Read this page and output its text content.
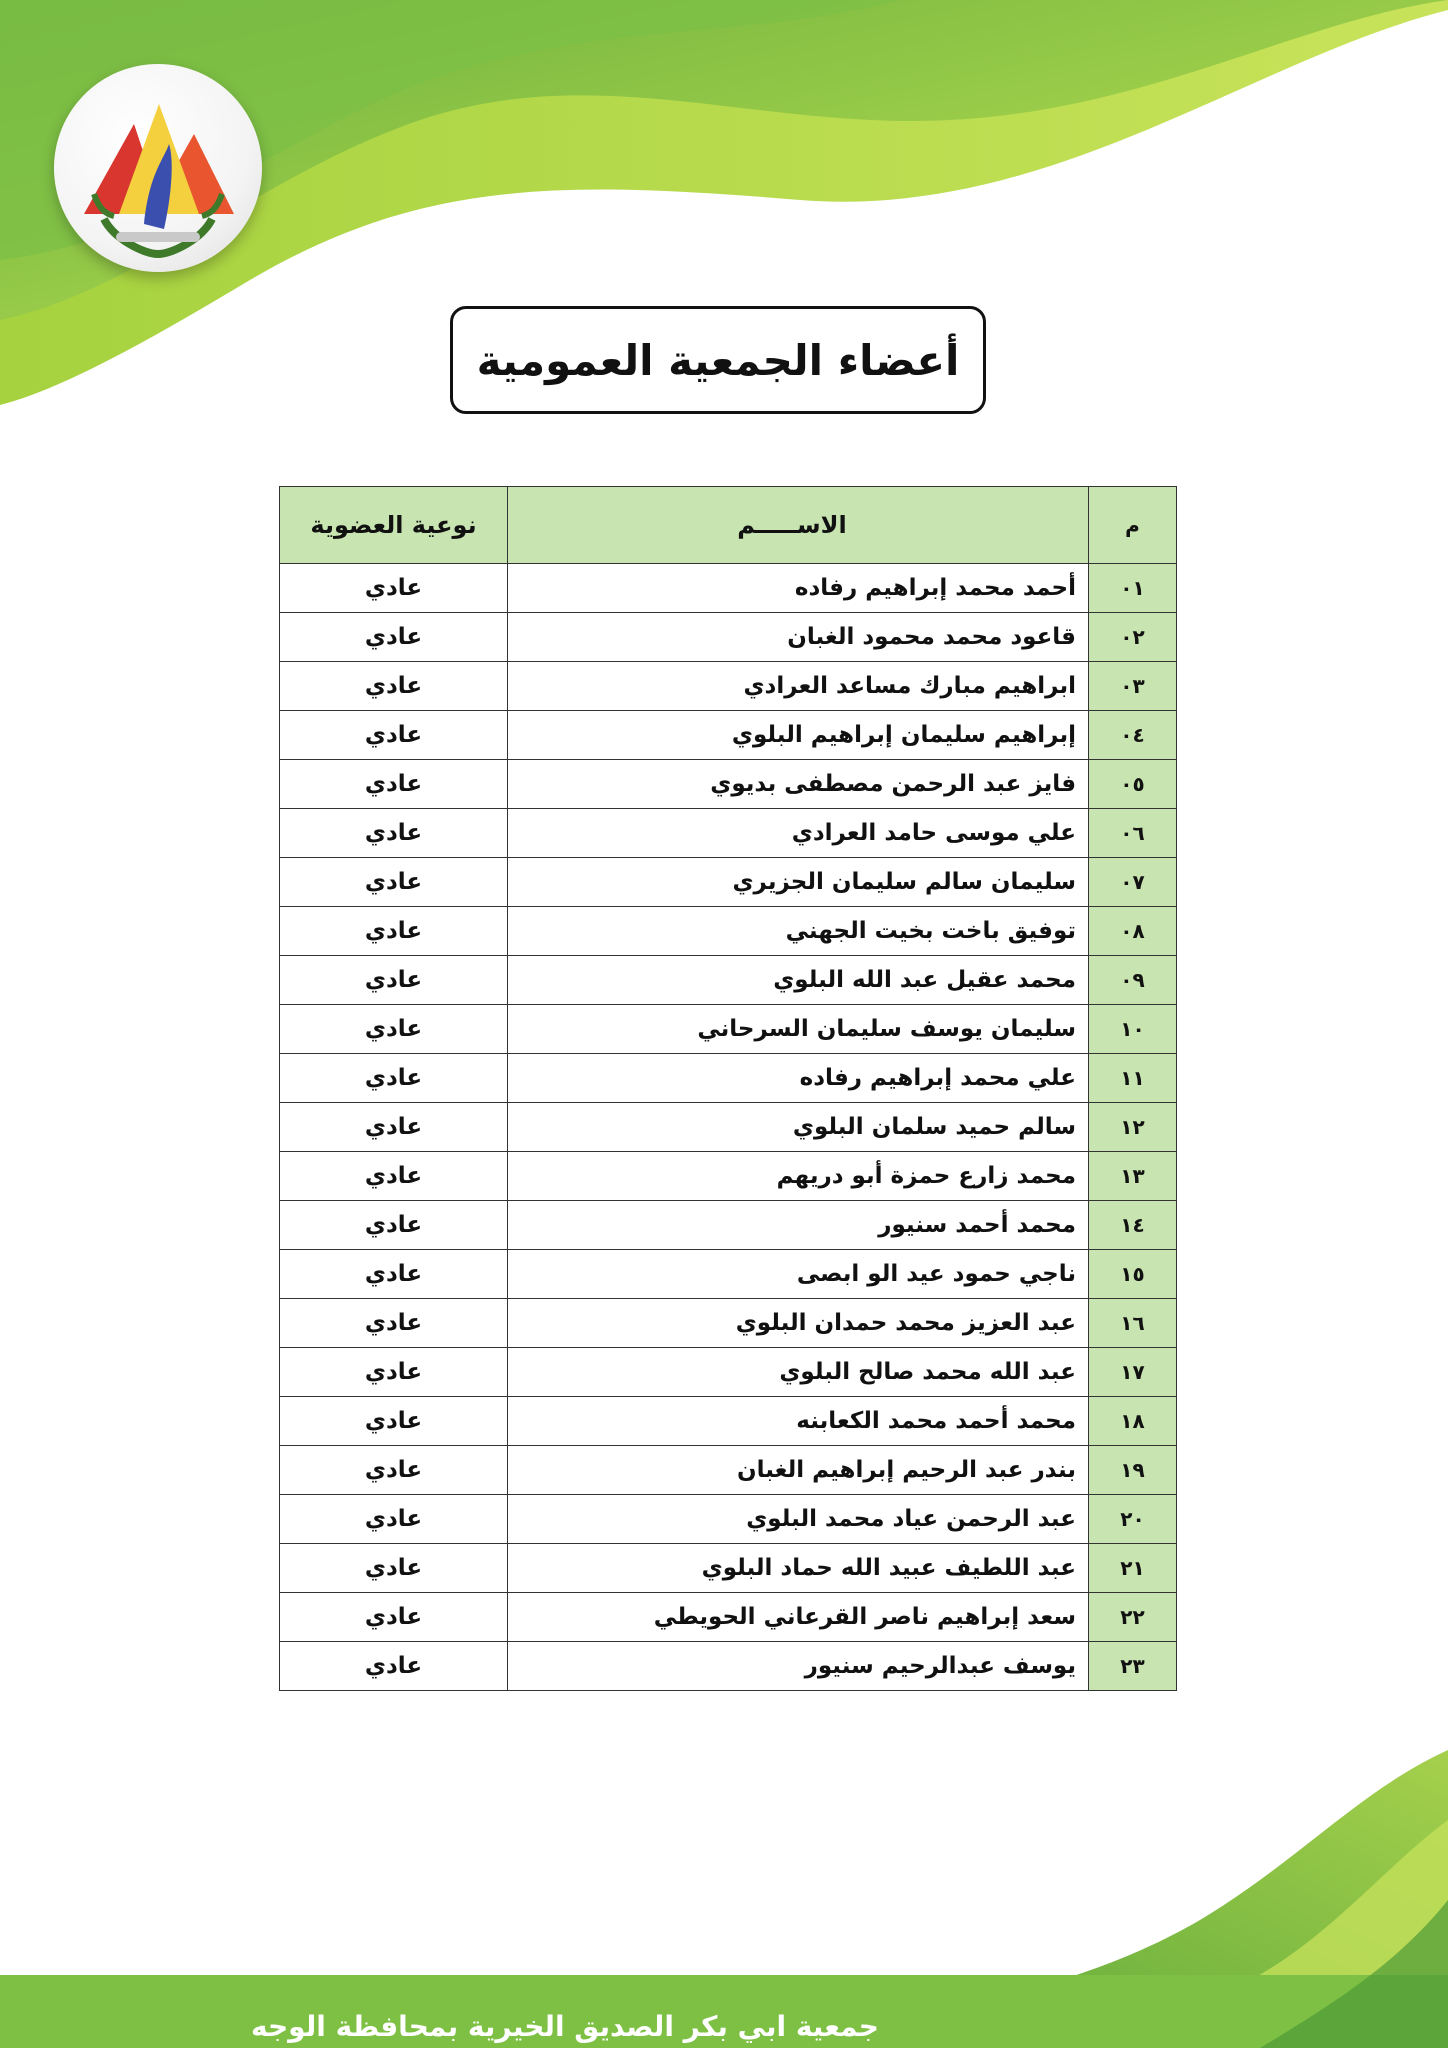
أعضاء الجمعية العمومية
م	الاســـــم	نوعية العضوية
٠١	أحمد محمد إبراهيم رفاده	عادي
٠٢	قاعود محمد محمود الغبان	عادي
٠٣	ابراهيم مبارك مساعد العرادي	عادي
٠٤	إبراهيم سليمان إبراهيم البلوي	عادي
٠٥	فايز عبد الرحمن مصطفى بديوي	عادي
٠٦	علي موسى حامد العرادي	عادي
٠٧	سليمان سالم سليمان الجزيري	عادي
٠٨	توفيق باخت بخيت الجهني	عادي
٠٩	محمد عقيل عبد الله البلوي	عادي
١٠	سليمان يوسف سليمان السرحاني	عادي
١١	علي محمد إبراهيم رفاده	عادي
١٢	سالم حميد سلمان البلوي	عادي
١٣	محمد زارع حمزة أبو دريهم	عادي
١٤	محمد أحمد سنيور	عادي
١٥	ناجي حمود عيد الو ابصى	عادي
١٦	عبد العزيز محمد حمدان البلوي	عادي
١٧	عبد الله محمد صالح البلوي	عادي
١٨	محمد أحمد محمد الكعابنه	عادي
١٩	بندر عبد الرحيم إبراهيم الغبان	عادي
٢٠	عبد الرحمن عياد محمد البلوي	عادي
٢١	عبد اللطيف عبيد الله حماد البلوي	عادي
٢٢	سعد إبراهيم ناصر القرعاني الحويطي	عادي
٢٣	يوسف عبدالرحيم سنيور	عادي
جمعية ابي بكر الصديق الخيرية بمحافظة الوجه
